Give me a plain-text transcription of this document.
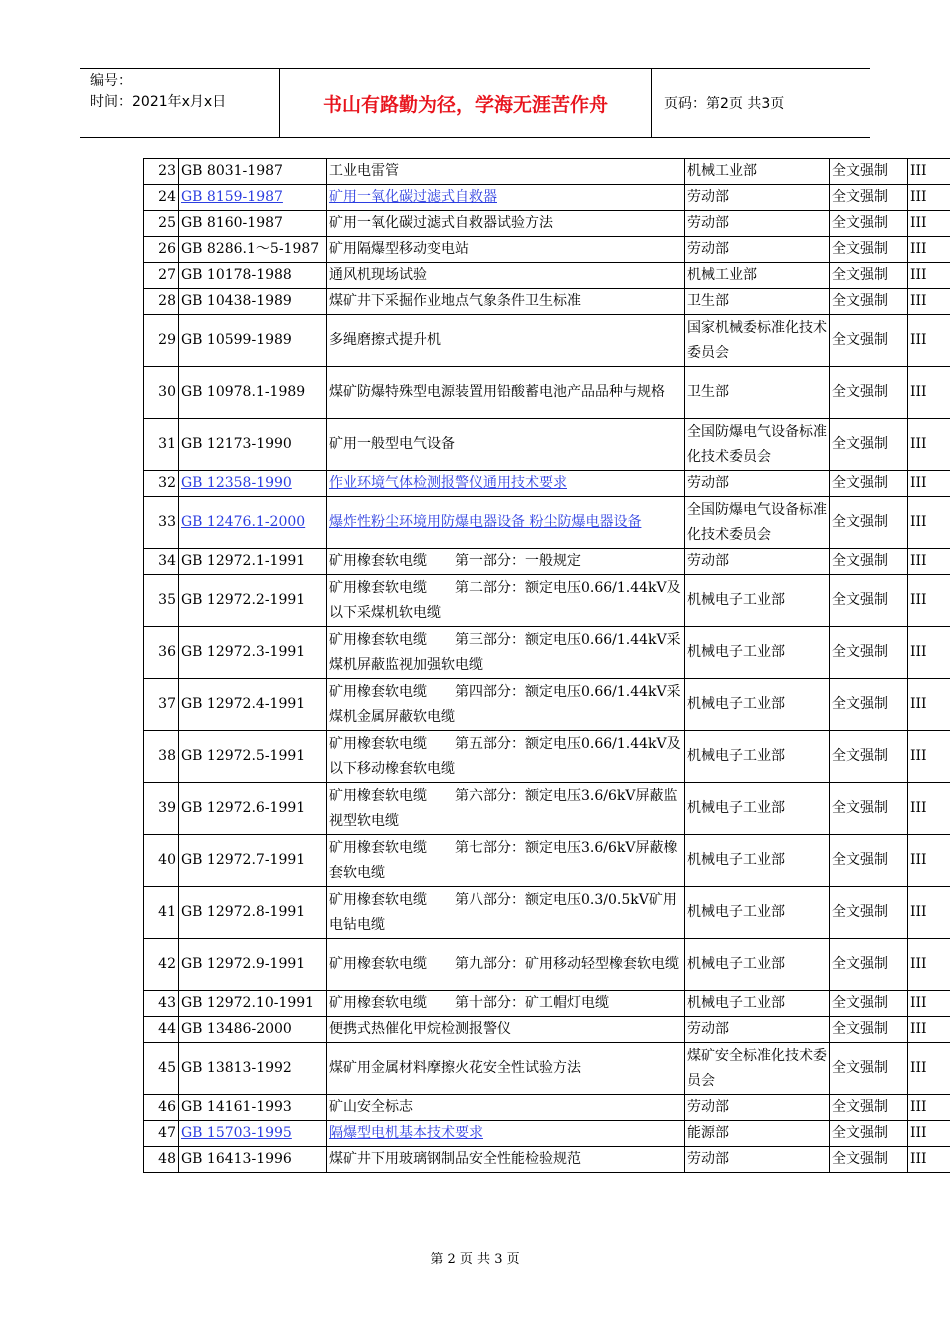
编号：
时间：2021年x月x日	书山有路勤为径，学海无涯苦作舟	页码：第2页 共3页
23	GB 8031-1987	工业电雷管	机械工业部	全文强制	III
24	GB 8159-1987	矿用一氧化碳过滤式自救器	劳动部	全文强制	III
25	GB 8160-1987	矿用一氧化碳过滤式自救器试验方法	劳动部	全文强制	III
26	GB 8286.1～5-1987	矿用隔爆型移动变电站	劳动部	全文强制	III
27	GB 10178-1988	通风机现场试验	机械工业部	全文强制	III
28	GB 10438-1989	煤矿井下采掘作业地点气象条件卫生标准	卫生部	全文强制	III
29	GB 10599-1989	多绳磨擦式提升机	国家机械委标准化技术委员会	全文强制	III
30	GB 10978.1-1989	煤矿防爆特殊型电源装置用铅酸蓄电池产品品种与规格	卫生部	全文强制	III
31	GB 12173-1990	矿用一般型电气设备	全国防爆电气设备标准化技术委员会	全文强制	III
32	GB 12358-1990	作业环境气体检测报警仪通用技术要求	劳动部	全文强制	III
33	GB 12476.1-2000	爆炸性粉尘环境用防爆电器设备 粉尘防爆电器设备	全国防爆电气设备标准化技术委员会	全文强制	III
34	GB 12972.1-1991	矿用橡套软电缆　　第一部分：一般规定	劳动部	全文强制	III
35	GB 12972.2-1991	矿用橡套软电缆　　第二部分：额定电压0.66/1.44kV及以下采煤机软电缆	机械电子工业部	全文强制	III
36	GB 12972.3-1991	矿用橡套软电缆　　第三部分：额定电压0.66/1.44kV采煤机屏蔽监视加强软电缆	机械电子工业部	全文强制	III
37	GB 12972.4-1991	矿用橡套软电缆　　第四部分：额定电压0.66/1.44kV采煤机金属屏蔽软电缆	机械电子工业部	全文强制	III
38	GB 12972.5-1991	矿用橡套软电缆　　第五部分：额定电压0.66/1.44kV及以下移动橡套软电缆	机械电子工业部	全文强制	III
39	GB 12972.6-1991	矿用橡套软电缆　　第六部分：额定电压3.6/6kV屏蔽监视型软电缆	机械电子工业部	全文强制	III
40	GB 12972.7-1991	矿用橡套软电缆　　第七部分：额定电压3.6/6kV屏蔽橡套软电缆	机械电子工业部	全文强制	III
41	GB 12972.8-1991	矿用橡套软电缆　　第八部分：额定电压0.3/0.5kV矿用电钻电缆	机械电子工业部	全文强制	III
42	GB 12972.9-1991	矿用橡套软电缆　　第九部分：矿用移动轻型橡套软电缆	机械电子工业部	全文强制	III
43	GB 12972.10-1991	矿用橡套软电缆　　第十部分：矿工帽灯电缆	机械电子工业部	全文强制	III
44	GB 13486-2000	便携式热催化甲烷检测报警仪	劳动部	全文强制	III
45	GB 13813-1992	煤矿用金属材料摩擦火花安全性试验方法	煤矿安全标准化技术委员会	全文强制	III
46	GB 14161-1993	矿山安全标志	劳动部	全文强制	III
47	GB 15703-1995	隔爆型电机基本技术要求	能源部	全文强制	III
48	GB 16413-1996	煤矿井下用玻璃钢制品安全性能检验规范	劳动部	全文强制	III
第 2 页 共 3 页
